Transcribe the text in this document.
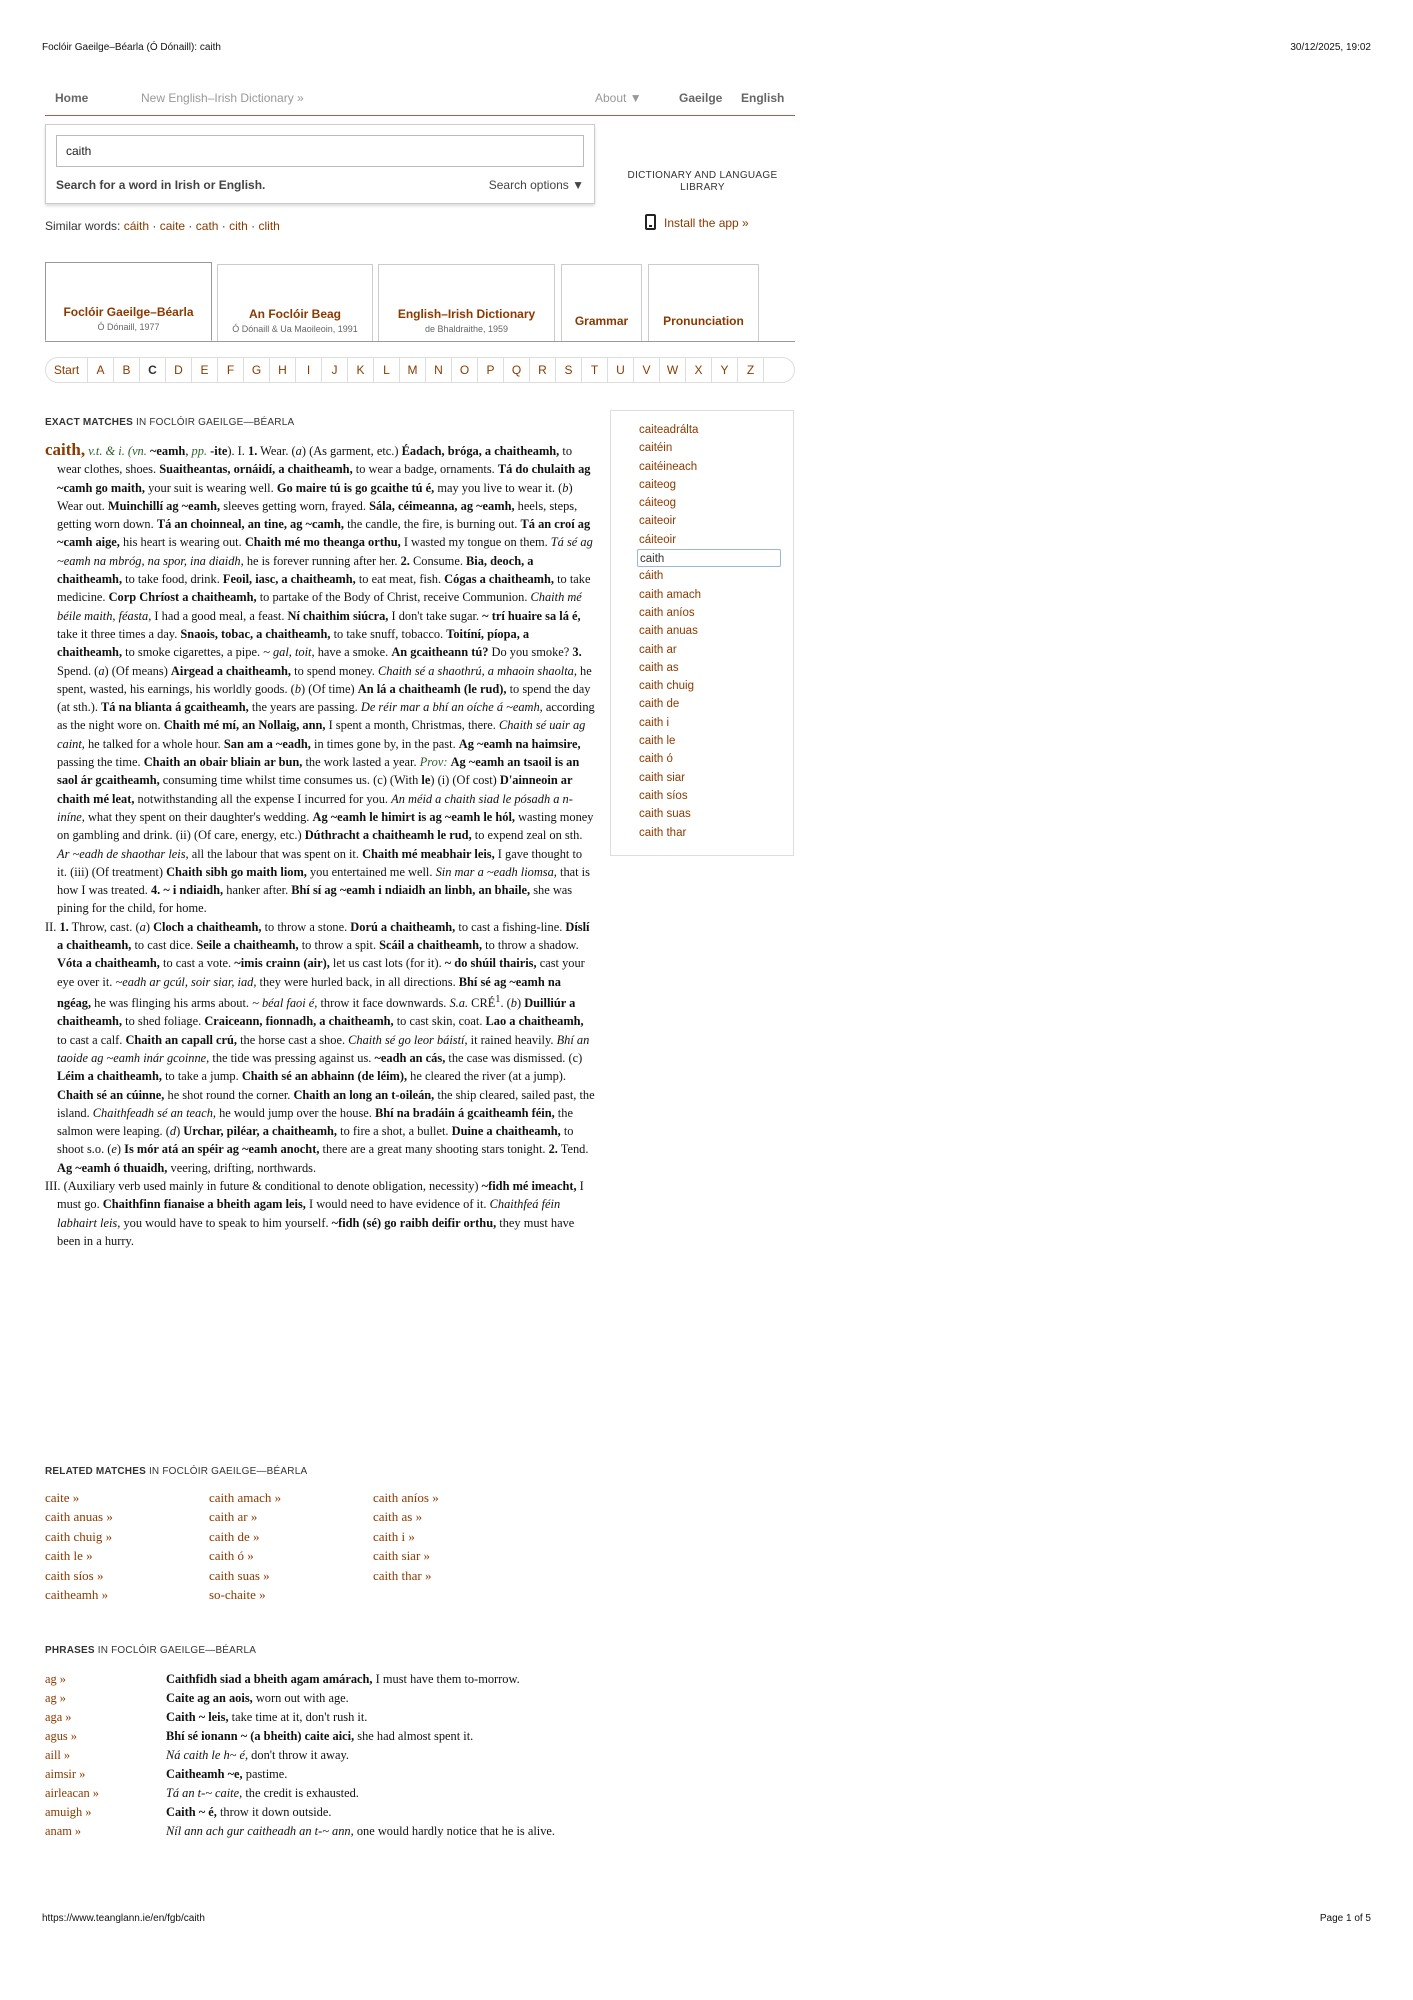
Foclóir Gaeilge–Béarla (Ó Dónaill): caith	30/12/2025, 19:02
Home	New English–Irish Dictionary »	About ▼	Gaeilge English
caith
Search for a word in Irish or English.	Search options ▼
DICTIONARY AND LANGUAGE LIBRARY
Similar words: cáith · caite · cath · cith · clith	Install the app »
Foclóir Gaeilge–Béarla
Ó Dónaill, 1977
An Foclóir Beag
Ó Dónaill & Ua Maoileoin, 1991
English–Irish Dictionary
de Bhaldraithe, 1959
Grammar	Pronunciation
Start	A	B	C	D	E	F	G	H	I	J	K	L	M	N	O	P	Q	R	S	T	U	V	W	X	Y	Z
EXACT MATCHES IN FOCLÓIR GAEILGE—BÉARLA

caith, v.t. & i. (vn. ~eamh, pp. -ite). I. 1. Wear. (a) (As garment, etc.) Éadach, bróga, a chaitheamh, to wear clothes, shoes. Suaitheantas, ornáidí, a chaitheamh, to wear a badge, ornaments. Tá do chulaith ag ~camh go maith, your suit is wearing well. Go maire tú is go gcaithe tú é, may you live to wear it. (b) Wear out. Muinchillí ag ~eamh, sleeves getting worn, frayed. Sála, céimeanna, ag ~eamh, heels, steps, getting worn down. Tá an choinneal, an tine, ag ~camh, the candle, the fire, is burning out. Tá an croí ag ~camh aige, his heart is wearing out. Chaith mé mo theanga orthu, I wasted my tongue on them. Tá sé ag ~eamh na mbróg, na spor, ina diaidh, he is forever running after her. 2. Consume. Bia, deoch, a chaitheamh, to take food, drink. Feoil, iasc, a chaitheamh, to eat meat, fish. Cógas a chaitheamh, to take medicine. Corp Chríost a chaitheamh, to partake of the Body of Christ, receive Communion. Chaith mé béile maith, féasta, I had a good meal, a feast. Ní chaithim siúcra, I don't take sugar. ~ trí huaire sa lá é, take it three times a day. Snaois, tobac, a chaitheamh, to take snuff, tobacco. Toitíní, píopa, a chaitheamh, to smoke cigarettes, a pipe. ~ gal, toit, have a smoke. An gcaitheann tú? Do you smoke? 3. Spend. (a) (Of means) Airgead a chaitheamh, to spend money. Chaith sé a shaothrú, a mhaoin shaolta, he spent, wasted, his earnings, his worldly goods. (b) (Of time) An lá a chaitheamh (le rud), to spend the day (at sth.). Tá na blianta á gcaitheamh, the years are passing. De réir mar a bhí an oíche á ~eamh, according as the night wore on. Chaith mé mí, an Nollaig, ann, I spent a month, Christmas, there. Chaith sé uair ag caint, he talked for a whole hour. San am a ~eadh, in times gone by, in the past. Ag ~eamh na haimsire, passing the time. Chaith an obair bliain ar bun, the work lasted a year. Prov: Ag ~eamh an tsaoil is an saol ár gcaitheamh, consuming time whilst time consumes us. (c) (With le) (i) (Of cost) D'ainneoin ar chaith mé leat, notwithstanding all the expense I incurred for you. An méid a chaith siad le pósadh a n-iníne, what they spent on their daughter's wedding. Ag ~eamh le himirt is ag ~eamh le hól, wasting money on gambling and drink. (ii) (Of care, energy, etc.) Dúthracht a chaitheamh le rud, to expend zeal on sth. Ar ~eadh de shaothar leis, all the labour that was spent on it. Chaith mé meabhair leis, I gave thought to it. (iii) (Of treatment) Chaith sibh go maith liom, you entertained me well. Sin mar a ~eadh liomsa, that is how I was treated. 4. ~ i ndiaidh, hanker after. Bhí sí ag ~eamh i ndiaidh an linbh, an bhaile, she was pining for the child, for home.

II. 1. Throw, cast. (a) Cloch a chaitheamh, to throw a stone. Dorú a chaitheamh, to cast a fishing-line. Díslí a chaitheamh, to cast dice. Seile a chaitheamh, to throw a spit. Scáil a chaitheamh, to throw a shadow. Vóta a chaitheamh, to cast a vote. ~imis crainn (air), let us cast lots (for it). ~ do shúil thairis, cast your eye over it. ~eadh ar gcúl, soir siar, iad, they were hurled back, in all directions. Bhí sé ag ~eamh na ngéag, he was flinging his arms about. ~ béal faoi é, throw it face downwards. S.a. CRÉ$^1$. (b) Duilliúr a chaitheamh, to shed foliage. Craiceann, fionnadh, a chaitheamh, to cast skin, coat. Lao a chaitheamh, to cast a calf. Chaith an capall crú, the horse cast a shoe. Chaith sé go leor báistí, it rained heavily. Bhí an taoide ag ~eamh inár gcoinne, the tide was pressing against us. ~eadh an cás, the case was dismissed. (c) Léim a chaitheamh, to take a jump. Chaith sé an abhainn (de léim), he cleared the river (at a jump). Chaith sé an cúinne, he shot round the corner. Chaith an long an t-oileán, the ship cleared, sailed past, the island. Chaithfeadh sé an teach, he would jump over the house. Bhí na bradáin á gcaitheamh féin, the salmon were leaping. (d) Urchar, piléar, a chaitheamh, to fire a shot, a bullet. Duine a chaitheamh, to shoot s.o. (e) Is mór atá an spéir ag ~eamh anocht, there are a great many shooting stars tonight. 2. Tend. Ag ~eamh ó thuaidh, veering, drifting, northwards.

III. (Auxiliary verb used mainly in future & conditional to denote obligation, necessity) ~fidh mé imeacht, I must go. Chaithfinn fianaise a bheith agam leis, I would need to have evidence of it. Chaithfeá féin labhairt leis, you would have to speak to him yourself. ~fidh (sé) go raibh deifir orthu, they must have been in a hurry.

caiteadrálta
caitéin
caitéineach
caiteog
cáiteog
caiteoir
cáiteoir
caith
cáith
caith amach
caith aníos
caith anuas
caith ar
caith as
caith chuig
caith de
caith i
caith le
caith ó
caith siar
caith síos
caith suas
caith thar
RELATED MATCHES IN FOCLÓIR GAEILGE—BÉARLA
caite »	caith amach »	caith aníos »
caith anuas »	caith ar »	caith as »
caith chuig »	caith de »	caith i »
caith le »	caith ó »	caith siar »
caith síos »	caith suas »	caith thar »
caitheamh »	so-chaite »
PHRASES IN FOCLÓIR GAEILGE—BÉARLA
ag »	Caithfidh siad a bheith agam amárach, I must have them to-morrow.
ag »	Caite ag an aois, worn out with age.
aga »	Caith ~ leis, take time at it, don't rush it.
agus »	Bhí sé ionann ~ (a bheith) caite aici, she had almost spent it.
aill »	Ná caith le h~ é, don't throw it away.
aimsir »	Caitheamh ~e, pastime.
airleacan »	Tá an t-~ caite, the credit is exhausted.
amuigh »	Caith ~ é, throw it down outside.
anam »	Níl ann ach gur caitheadh an t-~ ann, one would hardly notice that he is alive.
https://www.teanglann.ie/en/fgb/caith	Page 1 of 5
